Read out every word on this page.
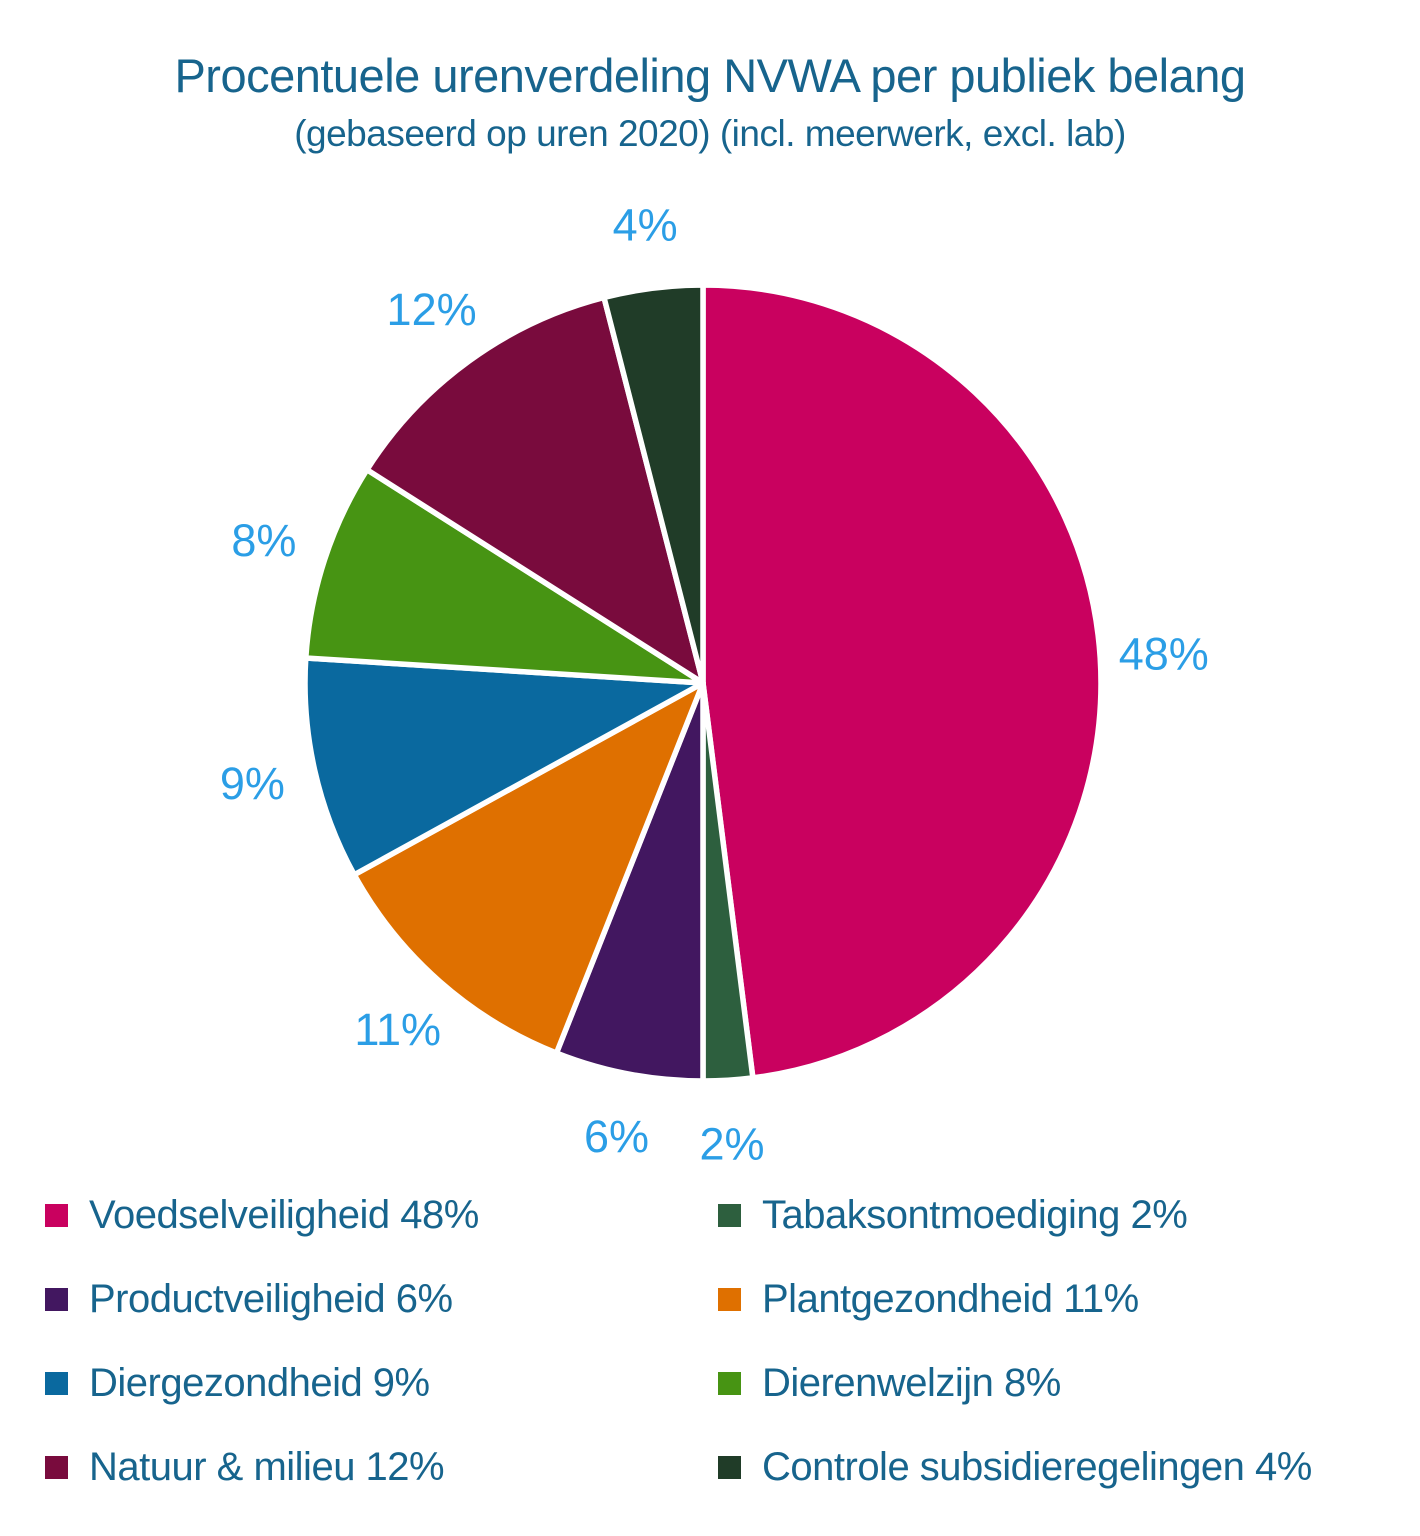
Procentuele urenverdeling NVWA per publiek belang
(gebaseerd op uren 2020) (incl. meerwerk, excl. lab)
48%
2%
6%
11%
9%
8%
12%
4%
Voedselveiligheid 48%	Tabaksontmoediging 2%
Productveiligheid 6%	Plantgezondheid 11%
Diergezondheid 9%	Dierenwelzijn 8%
Natuur & milieu 12%	Controle subsidieregelingen 4%
